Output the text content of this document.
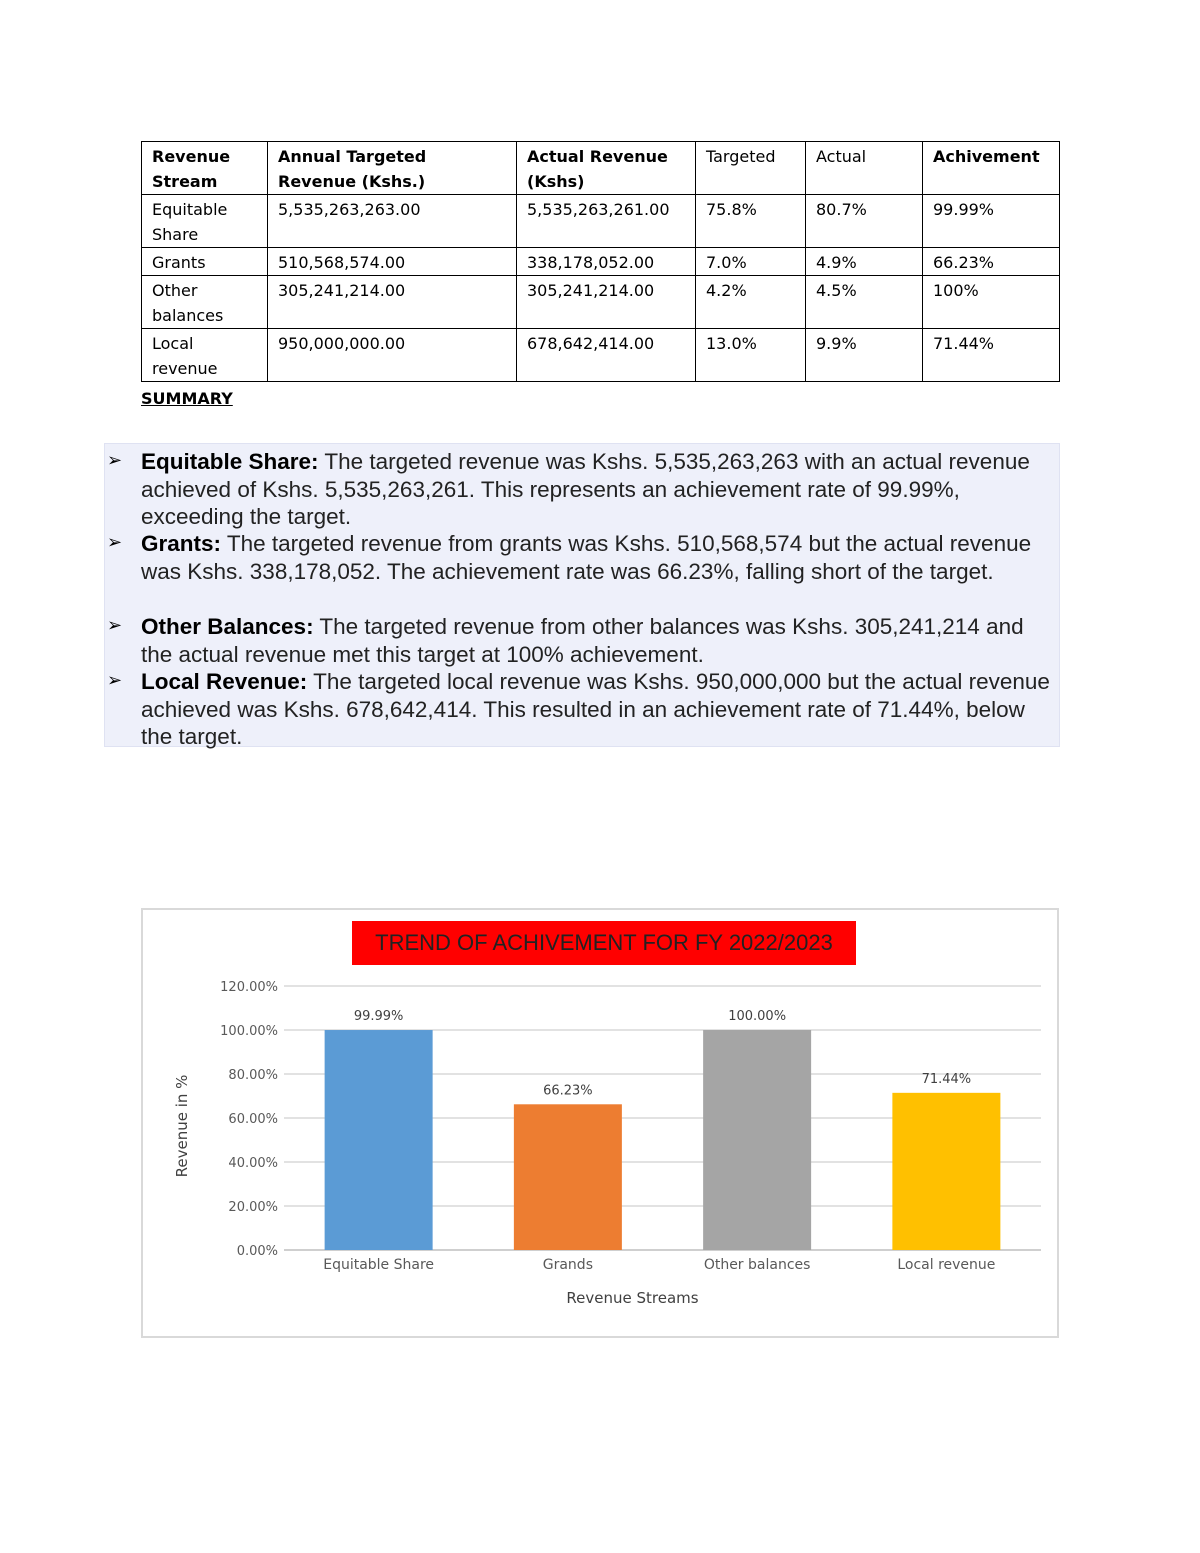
Revenue Stream	Annual Targeted Revenue (Kshs.)	Actual Revenue (Kshs)	Targeted	Actual	Achivement
Equitable Share	5,535,263,263.00	5,535,263,261.00	75.8%	80.7%	99.99%
Grants	510,568,574.00	338,178,052.00	7.0%	4.9%	66.23%
Other balances	305,241,214.00	305,241,214.00	4.2%	4.5%	100%
Local revenue	950,000,000.00	678,642,414.00	13.0%	9.9%	71.44%
SUMMARY
➢ Equitable Share: The targeted revenue was Kshs. 5,535,263,263 with an actual revenue achieved of Kshs. 5,535,263,261. This represents an achievement rate of 99.99%, exceeding the target.
➢ Grants: The targeted revenue from grants was Kshs. 510,568,574 but the actual revenue was Kshs. 338,178,052. The achievement rate was 66.23%, falling short of the target.
➢ Other Balances: The targeted revenue from other balances was Kshs. 305,241,214 and the actual revenue met this target at 100% achievement.
➢ Local Revenue: The targeted local revenue was Kshs. 950,000,000 but the actual revenue achieved was Kshs. 678,642,414. This resulted in an achievement rate of 71.44%, below the target.
0.00%
20.00%
40.00%
60.00%
80.00%
100.00%
120.00%
99.99%
Equitable Share
66.23%
Grands
100.00%
Other balances
71.44%
Local revenue
Revenue Streams
Revenue in %
TREND OF ACHIVEMENT FOR FY 2022/2023
